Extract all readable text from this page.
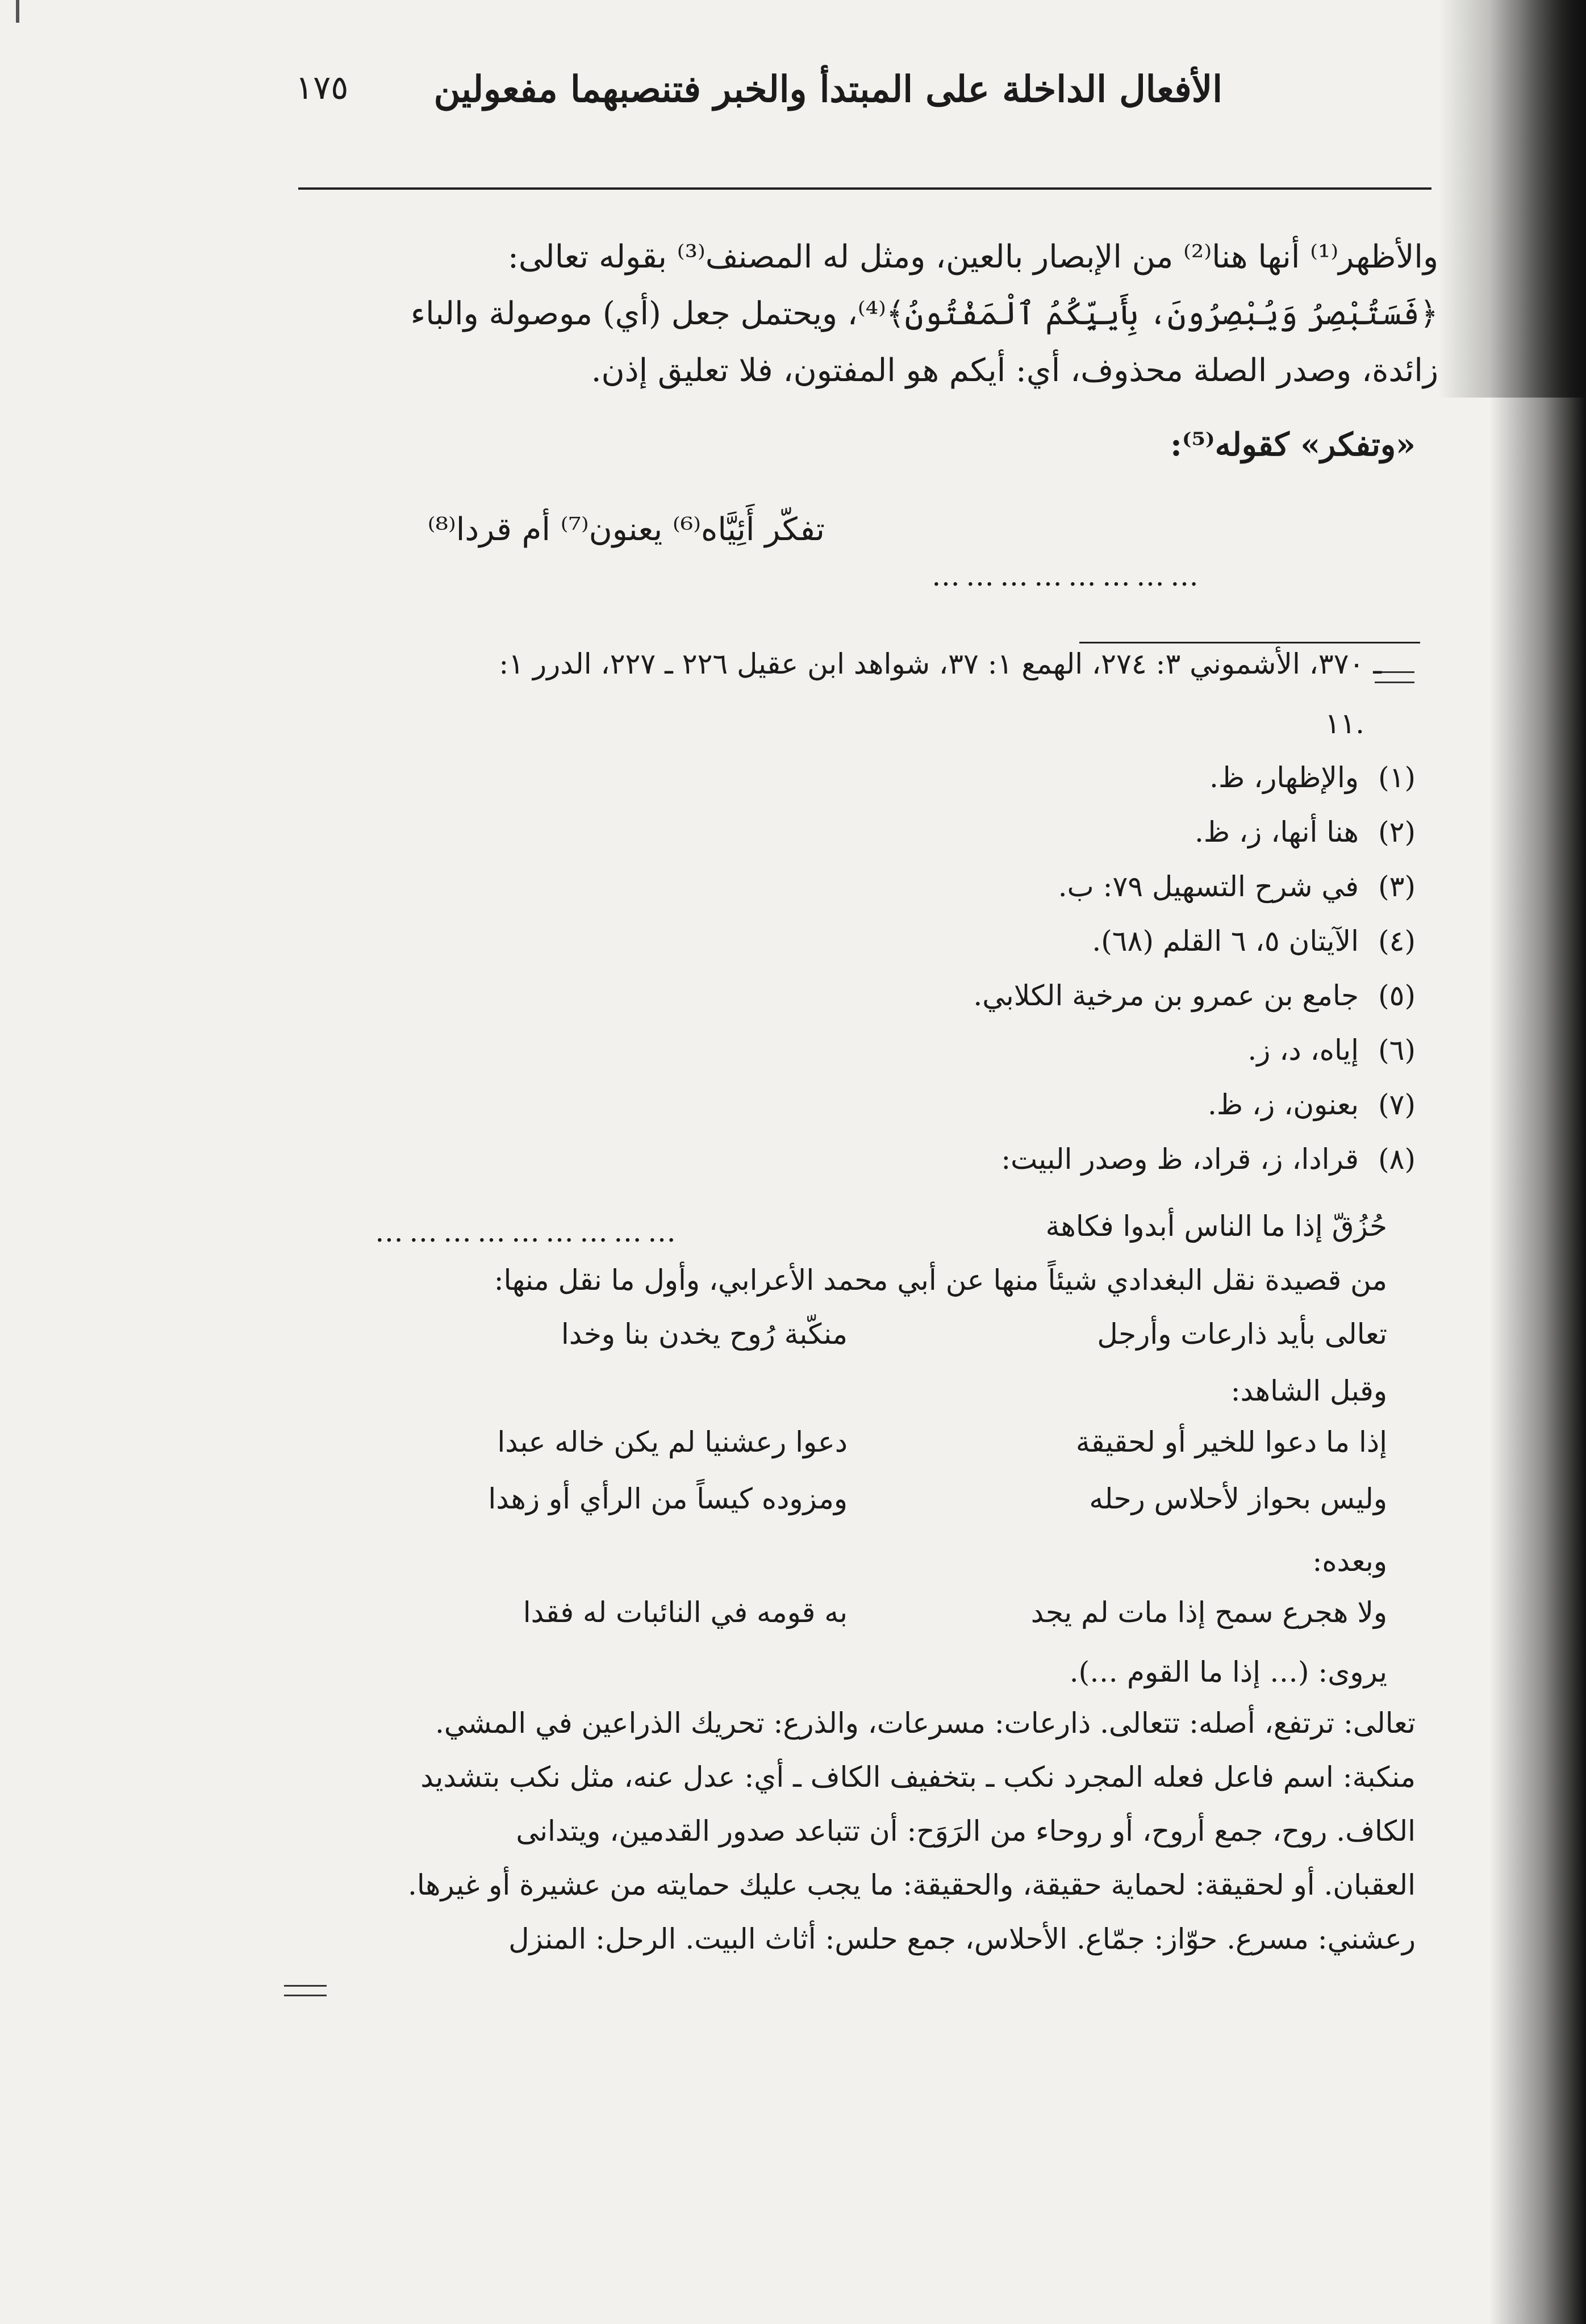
الأفعال الداخلة على المبتدأ والخبر فتنصبهما مفعولين
١٧٥
والأظهر⁽¹⁾ أنها هنا⁽²⁾ من الإبصار بالعين، ومثل له المصنف⁽³⁾ بقوله تعالى:
﴿فَسَتُبْصِرُ وَيُبْصِرُونَ، بِأَييِّكُمُ ٱلْمَفْتُونُ﴾⁽⁴⁾، ويحتمل جعل (أي) موصولة والباء
زائدة، وصدر الصلة محذوف، أي: أيكم هو المفتون، فلا تعليق إذن.
«وتفكر» كقوله⁽⁵⁾:
تفكّر أَئِيَّاه⁽⁶⁾ يعنون⁽⁷⁾ أم قردا⁽⁸⁾
……………………
ـ ٣٧٠، الأشموني ٣: ٢٧٤، الهمع ١: ٣٧، شواهد ابن عقيل ٢٢٦ ـ ٢٢٧، الدرر ١:
١١.
(١)
والإظهار، ظ.
(٢)
هنا أنها، ز، ظ.
(٣)
في شرح التسهيل ٧٩: ب.
(٤)
الآيتان ٥، ٦ القلم (٦٨).
(٥)
جامع بن عمرو بن مرخية الكلابي.
(٦)
إياه، د، ز.
(٧)
بعنون، ز، ظ.
(٨)
قرادا، ز، قراد، ظ وصدر البيت:
حُزُقّ إذا ما الناس أبدوا فكاهة
………………………
من قصيدة نقل البغدادي شيئاً منها عن أبي محمد الأعرابي، وأول ما نقل منها:
تعالى بأيد ذارعات وأرجل
منكّبة رُوح يخدن بنا وخدا
وقبل الشاهد:
إذا ما دعوا للخير أو لحقيقة
دعوا رعشنيا لم يكن خاله عبدا
وليس بحواز لأحلاس رحله
ومزوده كيساً من الرأي أو زهدا
وبعده:
ولا هجرع سمح إذا مات لم يجد
به قومه في النائبات له فقدا
يروى: (… إذا ما القوم …).
تعالى: ترتفع، أصله: تتعالى. ذارعات: مسرعات، والذرع: تحريك الذراعين في المشي.
منكبة: اسم فاعل فعله المجرد نكب ـ بتخفيف الكاف ـ أي: عدل عنه، مثل نكب بتشديد
الكاف. روح، جمع أروح، أو روحاء من الرَوَح: أن تتباعد صدور القدمين، ويتدانى
العقبان. أو لحقيقة: لحماية حقيقة، والحقيقة: ما يجب عليك حمايته من عشيرة أو غيرها.
رعشني: مسرع. حوّاز: جمّاع. الأحلاس، جمع حلس: أثاث البيت. الرحل: المنزل
